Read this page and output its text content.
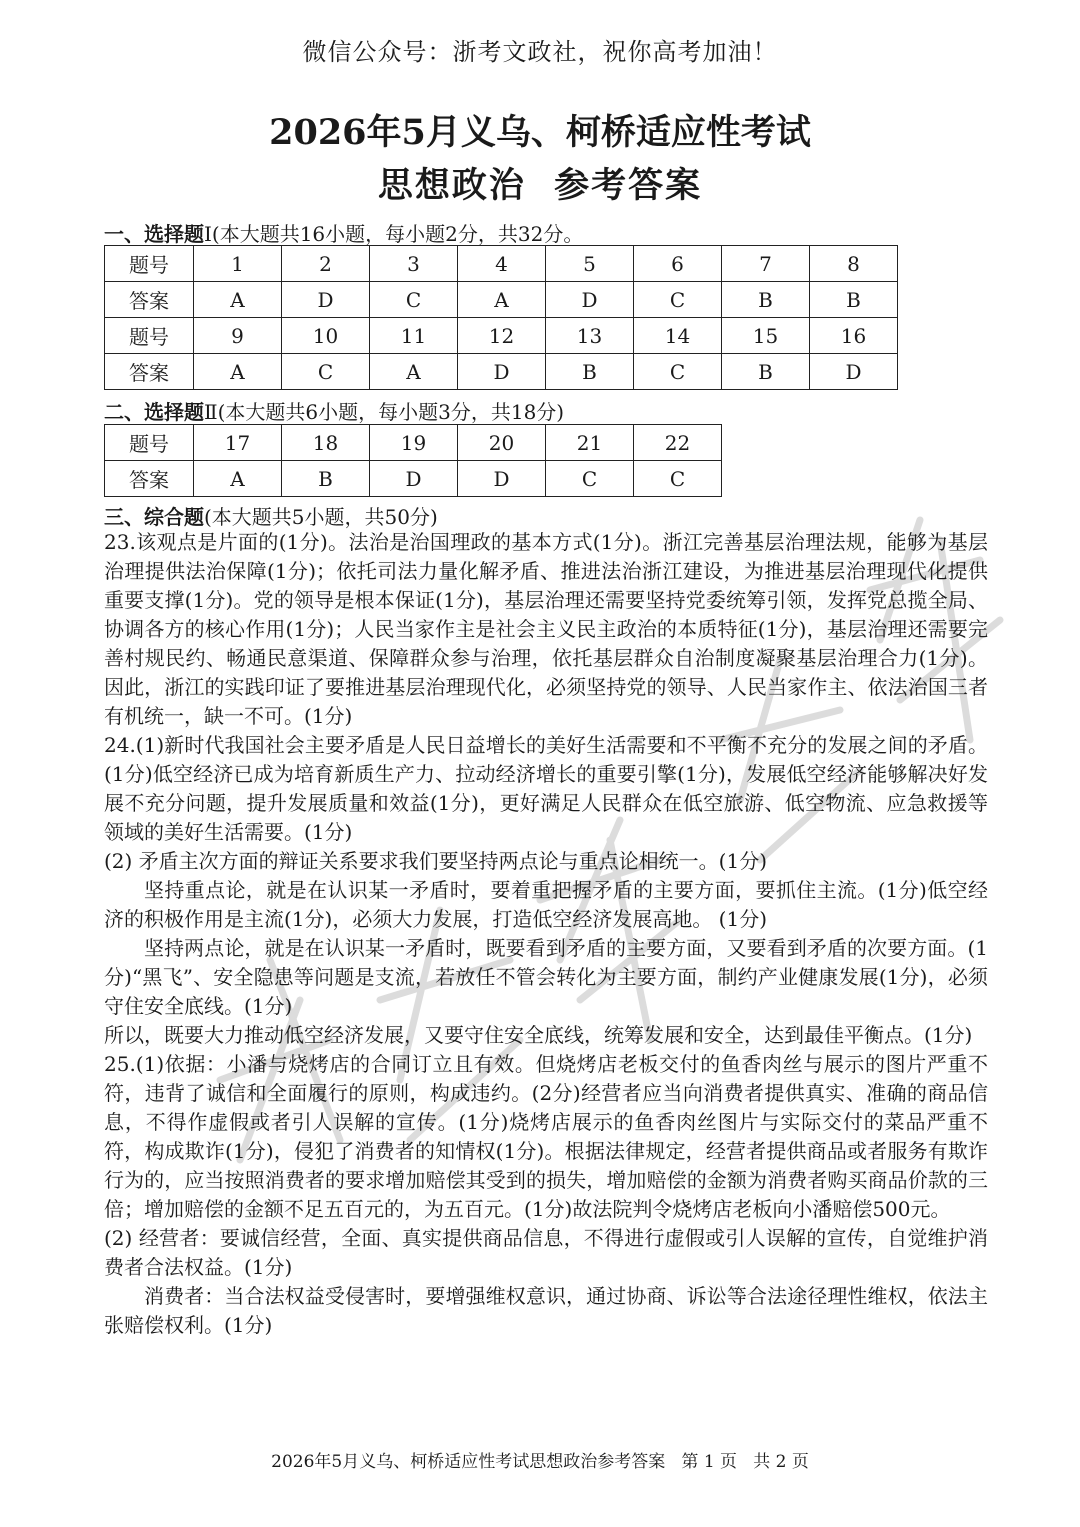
微信公众号：浙考文政社，祝你高考加油！
2026年5月义乌、柯桥适应性考试
思想政治  参考答案
一、选择题Ⅰ(本大题共16小题，每小题2分，共32分。
题号	1	2	3	4	5	6	7	8
答案	A	D	C	A	D	C	B	B
题号	9	10	11	12	13	14	15	16
答案	A	C	A	D	B	C	B	D
二、选择题Ⅱ(本大题共6小题，每小题3分，共18分)
题号	17	18	19	20	21	22
答案	A	B	D	D	C	C
三、综合题(本大题共5小题，共50分)

23.该观点是片面的(1分)。法治是治国理政的基本方式(1分)。浙江完善基层治理法规，能够为基层治理提供法治保障(1分)；依托司法力量化解矛盾、推进法治浙江建设，为推进基层治理现代化提供重要支撑(1分)。党的领导是根本保证(1分)，基层治理还需要坚持党委统筹引领，发挥党总揽全局、协调各方的核心作用(1分)；人民当家作主是社会主义民主政治的本质特征(1分)，基层治理还需要完善村规民约、畅通民意渠道、保障群众参与治理，依托基层群众自治制度凝聚基层治理合力(1分)。因此，浙江的实践印证了要推进基层治理现代化，必须坚持党的领导、人民当家作主、依法治国三者有机统一，缺一不可。(1分)

24.(1)新时代我国社会主要矛盾是人民日益增长的美好生活需要和不平衡不充分的发展之间的矛盾。(1分)低空经济已成为培育新质生产力、拉动经济增长的重要引擎(1分)，发展低空经济能够解决好发展不充分问题，提升发展质量和效益(1分)，更好满足人民群众在低空旅游、低空物流、应急救援等领域的美好生活需要。(1分)

(2) 矛盾主次方面的辩证关系要求我们要坚持两点论与重点论相统一。(1分)

坚持重点论，就是在认识某一矛盾时，要着重把握矛盾的主要方面，要抓住主流。(1分)低空经济的积极作用是主流(1分)，必须大力发展，打造低空经济发展高地。 (1分)

坚持两点论，就是在认识某一矛盾时，既要看到矛盾的主要方面，又要看到矛盾的次要方面。(1分)“黑飞”、安全隐患等问题是支流，若放任不管会转化为主要方面，制约产业健康发展(1分)，必须守住安全底线。(1分)

所以，既要大力推动低空经济发展，又要守住安全底线，统筹发展和安全，达到最佳平衡点。(1分)

25.(1)依据：小潘与烧烤店的合同订立且有效。但烧烤店老板交付的鱼香肉丝与展示的图片严重不符，违背了诚信和全面履行的原则，构成违约。(2分)经营者应当向消费者提供真实、准确的商品信息，不得作虚假或者引人误解的宣传。(1分)烧烤店展示的鱼香肉丝图片与实际交付的菜品严重不符，构成欺诈(1分)，侵犯了消费者的知情权(1分)。根据法律规定，经营者提供商品或者服务有欺诈行为的，应当按照消费者的要求增加赔偿其受到的损失，增加赔偿的金额为消费者购买商品价款的三倍；增加赔偿的金额不足五百元的，为五百元。(1分)故法院判令烧烤店老板向小潘赔偿500元。

(2) 经营者：要诚信经营，全面、真实提供商品信息，不得进行虚假或引人误解的宣传，自觉维护消费者合法权益。(1分)

消费者：当合法权益受侵害时，要增强维权意识，通过协商、诉讼等合法途径理性维权，依法主张赔偿权利。(1分)

2026年5月义乌、柯桥适应性考试思想政治参考答案   第 1 页   共 2 页
